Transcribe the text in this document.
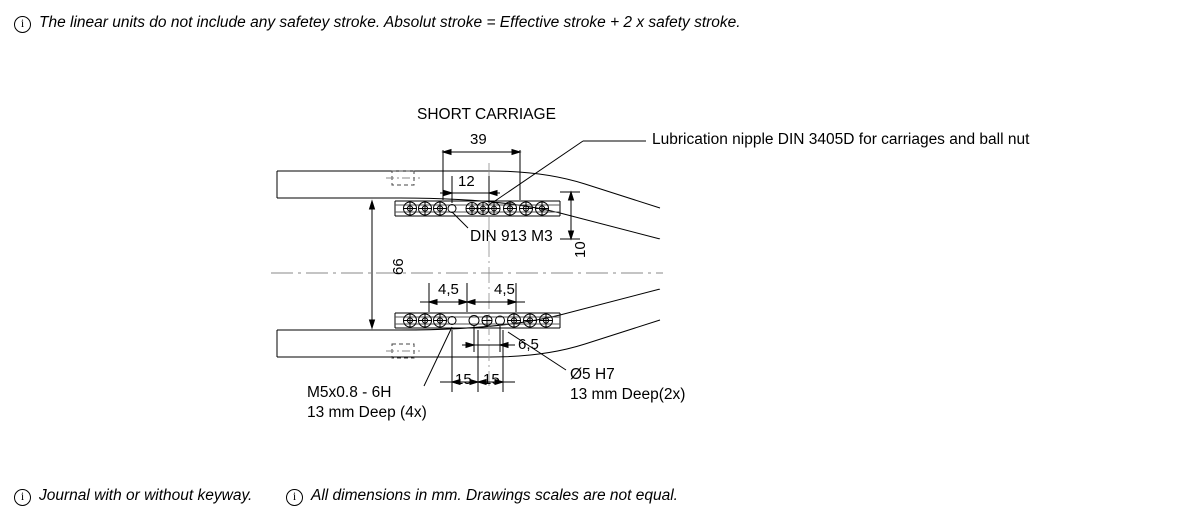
i
The linear units do not include any safetey stroke. Absolut stroke = Effective stroke + 2 x safety stroke.
i
Journal with or without keyway. i	All dimensions in mm. Drawings scales are not equal.
SHORT CARRIAGE
Lubrication nipple DIN 3405D for carriages and ball nut
39
12
DIN 913 M3
10
66
4,5 4,5
6,5
15 15
M5x0.8 - 6H
13 mm Deep (4x)
Ø5 H7
13 mm Deep(2x)
